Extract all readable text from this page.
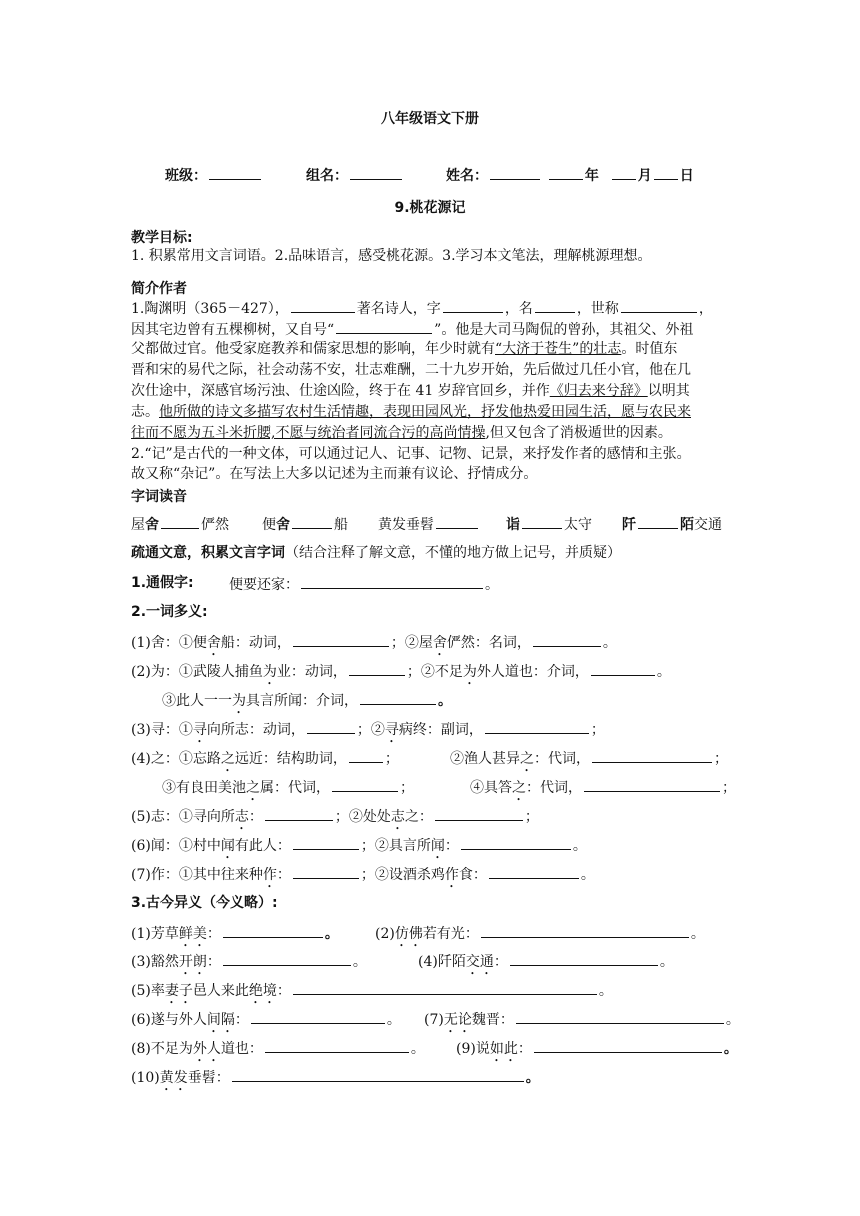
八年级语文下册
班级：	组名：	姓名：	年	月 日
9.桃花源记
教学目标:
1. 积累常用文言词语。2.品味语言，感受桃花源。3.学习本文笔法，理解桃源理想。
简介作者
1.陶渊明（365－427），	著名诗人，字	，名	，世称	，
因其宅边曾有五棵柳树，又自号“	”。他是大司马陶侃的曾孙，其祖父、外祖
父都做过官。他受家庭教养和儒家思想的影响，年少时就有“大济于苍生”的壮志。时值东
晋和宋的易代之际，社会动荡不安，壮志难酬，二十九岁开始，先后做过几任小官，他在几
次仕途中，深感官场污浊、仕途凶险，终于在 41 岁辞官回乡，并作《归去来兮辞》以明其
志。他所做的诗文多描写农村生活情趣，表现田园风光，抒发他热爱田园生活，愿与农民来
往而不愿为五斗米折腰,不愿与统治者同流合污的高尚情操,但又包含了消极遁世的因素。
2.“记”是古代的一种文体，可以通过记人、记事、记物、记景，来抒发作者的感情和主张。
故又称“杂记”。在写法上大多以记述为主而兼有议论、抒情成分。
字词读音
屋舍	俨然 便舍	船 黄发垂髫	诣	太守 阡	陌交通
疏通文意，积累文言字词（结合注释了解文意，不懂的地方做上记号，并质疑）
1.通假字:	便要还家：	。
2.一词多义:
(1)舍：①便舍船：动词，	；②屋舍俨然：名词，	。
(2)为：①武陵人捕鱼为业：动词，	；②不足为外人道也：介词，	。
③此人一一为具言所闻：介词，	。
(3)寻：①寻向所志：动词，	；②寻病终：副词，	；
(4)之：①忘路之远近：结构助词，	；	②渔人甚异之：代词，	；
③有良田美池之属：代词，	；	④具答之：代词，	；
(5)志：①寻向所志：	；②处处志之：	；
(6)闻：①村中闻有此人：	；②具言所闻：	。
(7)作：①其中往来种作：	；②设酒杀鸡作食：	。
3.古今异义（今义略）:
(1)芳草鲜美：	。	(2)仿佛若有光：	。
(3)豁然开朗：	。	(4)阡陌交通：	。
(5)率妻子邑人来此绝境：	。
(6)遂与外人间隔：	。 (7)无论魏晋：	。
(8)不足为外人道也：	。 (9)说如此：	。
(10)黄发垂髫：	。
